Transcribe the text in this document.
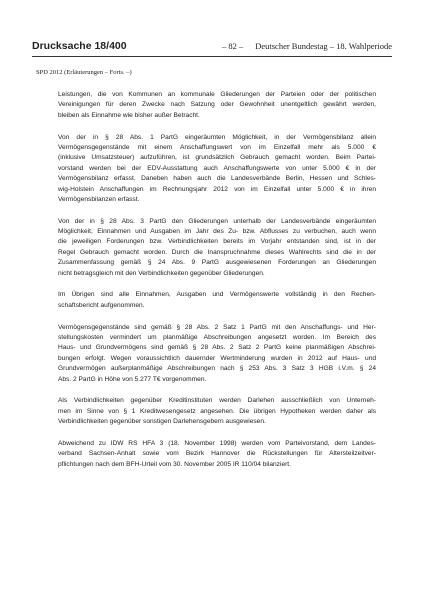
Drucksache 18/400	– 82 – Deutscher Bundestag – 18. Wahlperiode
SPD 2012 (Erläuterungen – Forts. –)
Leistungen, die von Kommunen an kommunale Gliederungen der Parteien oder der politischen
Vereinigungen für deren Zwecke nach Satzung oder Gewohnheit unentgeltlich gewährt werden,
bleiben als Einnahme wie bisher außer Betracht.
Von der in § 28 Abs. 1 PartG eingeräumten Möglichkeit, in der Vermögensbilanz allein
Vermögensgegenstände mit einem Anschaffungswert von im Einzelfall mehr als 5.000 €
(inklusive Umsatzsteuer) aufzuführen, ist grundsätzlich Gebrauch gemacht worden. Beim Partei-
vorstand werden bei der EDV-Ausstattung auch Anschaffungswerte von unter 5.000 € in der
Vermögensbilanz erfasst. Daneben haben auch die Landesverbände Berlin, Hessen und Schles-
wig-Holstein Anschaffungen im Rechnungsjahr 2012 von im Einzelfall unter 5.000 € in ihren
Vermögensbilanzen erfasst.
Von der in § 28 Abs. 3 PartG den Gliederungen unterhalb der Landesverbände eingeräumten
Möglichkeit, Einnahmen und Ausgaben im Jahr des Zu- bzw. Abflusses zu verbuchen, auch wenn
die jeweiligen Forderungen bzw. Verbindlichkeiten bereits im Vorjahr entstanden sind, ist in der
Regel Gebrauch gemacht worden. Durch die Inanspruchnahme dieses Wahlrechts sind die in der
Zusammenfassung gemäß § 24 Abs. 9 PartG ausgewiesenen Forderungen an Gliederungen
nicht betragsgleich mit den Verbindlichkeiten gegenüber Gliederungen.
Im Übrigen sind alle Einnahmen, Ausgaben und Vermögenswerte vollständig in den Rechen-
schaftsbericht aufgenommen.
Vermögensgegenstände sind gemäß § 28 Abs. 2 Satz 1 PartG mit den Anschaffungs- und Her-
stellungskosten vermindert um planmäßige Abschreibungen angesetzt worden. Im Bereich des
Haus- und Grundvermögens sind gemäß § 28 Abs. 2 Satz 2 PartG keine planmäßigen Abschrei-
bungen erfolgt. Wegen voraussichtlich dauernder Wertminderung wurden in 2012 auf Haus- und
Grundvermögen außerplanmäßige Abschreibungen nach § 253 Abs. 3 Satz 3 HGB i.V.m. § 24
Abs. 2 PartG in Höhe von 5.277 T€ vorgenommen.
Als Verbindlichkeiten gegenüber Kreditinstituten werden Darlehen ausschließlich von Unterneh-
men im Sinne von § 1 Kreditwesengesetz angesehen. Die übrigen Hypotheken werden daher als
Verbindlichkeiten gegenüber sonstigen Darlehensgebern ausgewiesen.
Abweichend zu IDW RS HFA 3 (18. November 1998) werden vom Parteivorstand, dem Landes-
verband Sachsen-Anhalt sowie vom Bezirk Hannover die Rückstellungen für Altersteilzeitver-
pflichtungen nach dem BFH-Urteil vom 30. November 2005 IR 110/04 bilanziert.
